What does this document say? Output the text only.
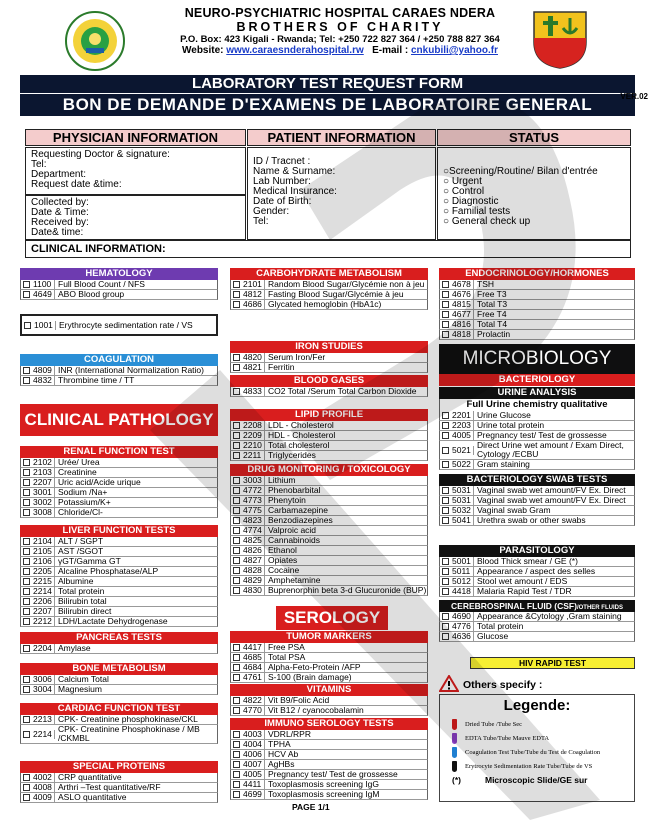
NEURO-PSYCHIATRIC HOSPITAL CARAES NDERA
BROTHERS OF CHARITY
P.O. Box: 423 Kigali - Rwanda; Tel: +250 722 827 364 / +250 788 827 364
Website: www.caraesnderahospital.rw E-mail : cnkubili@yahoo.fr
LABORATORY TEST REQUEST FORM
BON DE DEMANDE D'EXAMENS DE LABORATOIRE GENERAL	VER.02
PHYSICIAN INFORMATION	PATIENT INFORMATION	STATUS
Requesting Doctor & signature:
Tel:
Department:
Request date &time:
Collected by:
Date & Time:
Received by:
Date& time:
ID / Tracnet :
Name & Surname:
Lab Number:
Medical Insurance:
Date of Birth:
Gender:
Tel:
○Screening/Routine/ Bilan d'entrée
○ Urgent
○ Control
○ Diagnostic
○ Familial tests
○ General check up
CLINICAL INFORMATION:
HEMATOLOGY
1100 Full Blood Count / NFS
4649 ABO Blood group
1001 Erythrocyte sedimentation rate / VS
COAGULATION
4809 INR (International Normalization Ratio)
4832 Thrombine time / TT
CLINICAL PATHOLOGY
RENAL FUNCTION TEST
2102 Urée/ Urea
2103 Creatinine
2207 Uric acid/Acide urique
3001 Sodium /Na+
3002 Potassium/K+
3008 Chloride/Cl-
LIVER FUNCTION TESTS
2104 ALT / SGPT
2105 AST /SGOT
2106 γGT/Gamma GT
2205 Alcaline Phosphatase/ALP
2215 Albumine
2214 Total protein
2206 Bilirubin total
2207 Bilirubin direct
2212 LDH/Lactate Dehydrogenase
PANCREAS TESTS
2204 Amylase
BONE METABOLISM
3006 Calcium Total
3004 Magnesium
CARDIAC FUNCTION TEST
2213 CPK- Creatinine phosphokinase/CKL
2214 CPK- Creatinine Phosphokinase / MB /CKMBL
SPECIAL PROTEINS
4002 CRP quantitative
4008 Arthri –Test quantitative/RF
4009 ASLO quantitative
CARBOHYDRATE METABOLISM
2101 Random Blood Sugar/Glycémie non à jeu
4812 Fasting Blood Sugar/Glycémie à jeu
4686 Glycated hemoglobin (HbA1c)
IRON STUDIES
4820 Serum Iron/Fer
4821 Ferritin
BLOOD GASES
4833 CO2 Total /Serum Total Carbon Dioxide
LIPID PROFILE
2208 LDL - Cholesterol
2209 HDL - Cholesterol
2210 Total cholesterol
2211 Triglycerides
DRUG MONITORING / TOXICOLOGY
3003 Lithium
4772 Phenobarbital
4773 Phenytoin
4775 Carbamazepine
4823 Benzodiazepines
4774 Valproic acid
4825 Cannabinoids
4826 Ethanol
4827 Opiates
4828 Cocaine
4829 Amphetamine
4830 Buprenorphin beta 3-d Glucuronide (BUP)
SEROLOGY
TUMOR MARKERS
4417 Free PSA
4685 Total PSA
4684 Alpha-Feto-Protein /AFP
4761 S-100 (Brain damage)
VITAMINS
4822 Vit B9/Folic Acid
4770 Vit B12 / cyanocobalamin
IMMUNO SEROLOGY TESTS
4003 VDRL/RPR
4004 TPHA
4006 HCV Ab
4007 AgHBs
4005 Pregnancy test/ Test de grossesse
4411 Toxoplasmosis screening IgG
4699 Toxoplasmosis screening IgM
PAGE 1/1
ENDOCRINOLOGY/HORMONES
4678 TSH
4676 Free T3
4815 Total T3
4677 Free T4
4816 Total T4
4818 Prolactin
MICROBIOLOGY
BACTERIOLOGY
URINE ANALYSIS
Full Urine chemistry qualitative
2201 Urine Glucose
2203 Urine total protein
4005 Pregnancy test/ Test de grossesse
5021 Direct Urine wet amount / Exam Direct, Cytology /ECBU
5022 Gram staining
BACTERIOLOGY SWAB TESTS
5031 Vaginal swab wet amount/FV Ex. Direct
5031 Vaginal swab wet amount/FV Ex. Direct
5032 Vaginal swab Gram
5041 Urethra swab or other swabs
PARASITOLOGY
5001 Blood Thick smear / GE (*)
5011 Appearance / aspect des selles
5012 Stool wet amount / EDS
4418 Malaria Rapid Test / TDR
CEREBROSPINAL FLUID (CSF)/OTHER FLUIDS
4690 Appearance &Cytology ,Gram staining
4776 Total protein
4636 Glucose
HIV RAPID TEST
Others specify :
Legende:
Dried Tube /Tube Sec
EDTA Tube/Tube Mauve EDTA
Coagulation Test Tube/Tube du Test de Coagulation
Erytrocyte Sedimentation Rate Tube/Tube de VS
(*)	Microscopic Slide/GE sur
